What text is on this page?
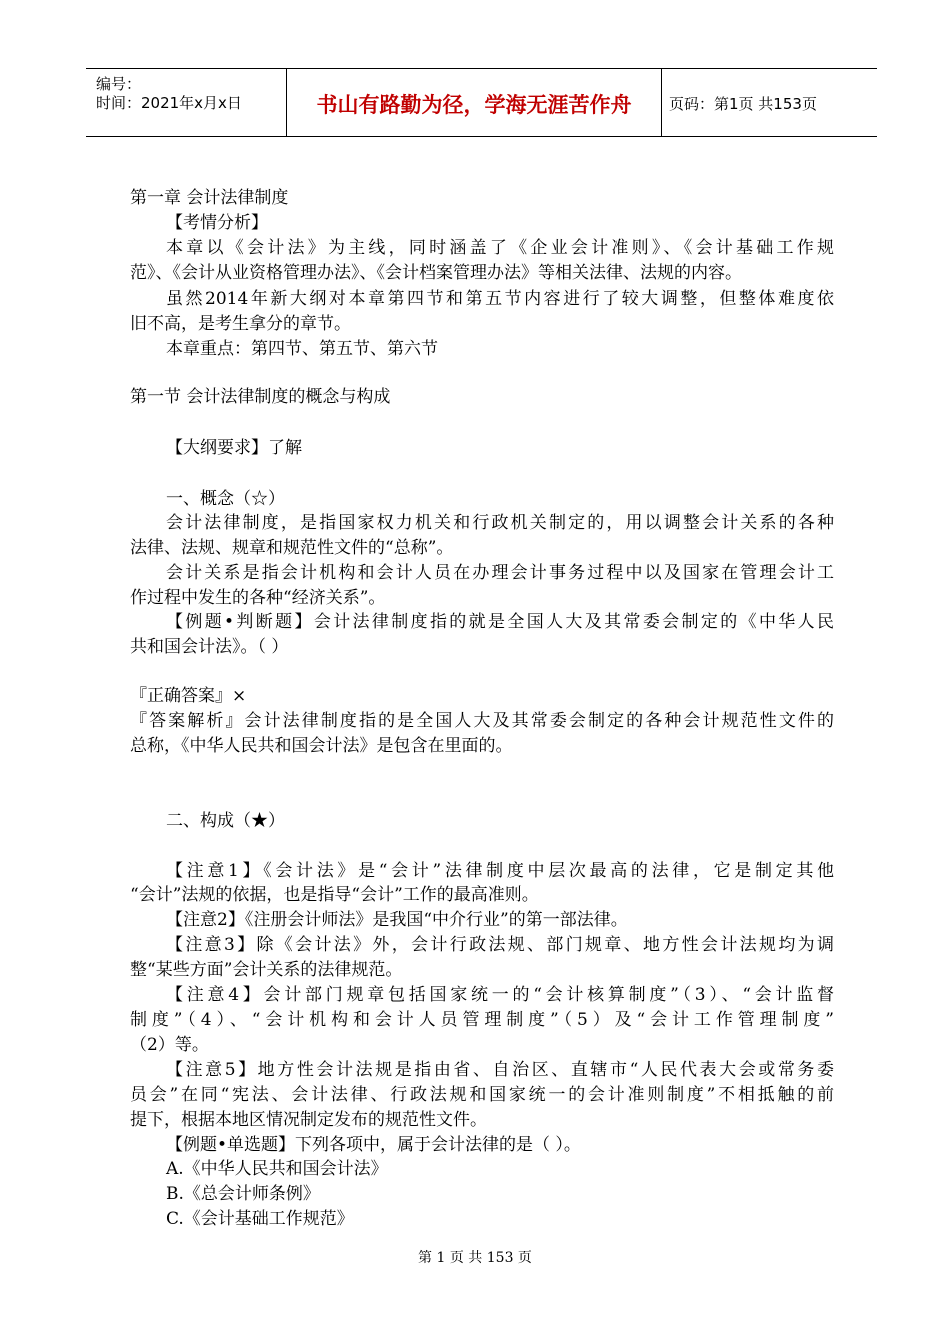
编号：
时间：2021年x月x日	书山有路勤为径，学海无涯苦作舟	页码：第1页 共153页
第一章 会计法律制度
【考情分析】
本章以《会计法》为主线，同时涵盖了《企业会计准则》、《会计基础工作规
范》、《会计从业资格管理办法》、《会计档案管理办法》等相关法律、法规的内容。
虽然2014年新大纲对本章第四节和第五节内容进行了较大调整，但整体难度依
旧不高，是考生拿分的章节。
本章重点：第四节、第五节、第六节
第一节 会计法律制度的概念与构成
【大纲要求】了解
一、概念（☆）
会计法律制度，是指国家权力机关和行政机关制定的，用以调整会计关系的各种
法律、法规、规章和规范性文件的“总称”。
会计关系是指会计机构和会计人员在办理会计事务过程中以及国家在管理会计工
作过程中发生的各种“经济关系”。
【例题•判断题】会计法律制度指的就是全国人大及其常委会制定的《中华人民
共和国会计法》。（ ）
『正确答案』×
『答案解析』会计法律制度指的是全国人大及其常委会制定的各种会计规范性文件的
总称，《中华人民共和国会计法》是包含在里面的。
二、构成（★）
【注意1】《会计法》是“会计”法律制度中层次最高的法律，它是制定其他
“会计”法规的依据，也是指导“会计”工作的最高准则。
【注意2】《注册会计师法》是我国“中介行业”的第一部法律。
【注意3】除《会计法》外，会计行政法规、部门规章、地方性会计法规均为调
整“某些方面”会计关系的法律规范。
【注意4】会计部门规章包括国家统一的“会计核算制度”（3）、“会计监督
制度”（4）、“会计机构和会计人员管理制度”（5）及“会计工作管理制度”
（2）等。
【注意5】地方性会计法规是指由省、自治区、直辖市“人民代表大会或常务委
员会”在同“宪法、会计法律、行政法规和国家统一的会计准则制度”不相抵触的前
提下，根据本地区情况制定发布的规范性文件。
【例题•单选题】下列各项中，属于会计法律的是（ ）。
A.《中华人民共和国会计法》
B.《总会计师条例》
C.《会计基础工作规范》
第 1 页 共 153 页
